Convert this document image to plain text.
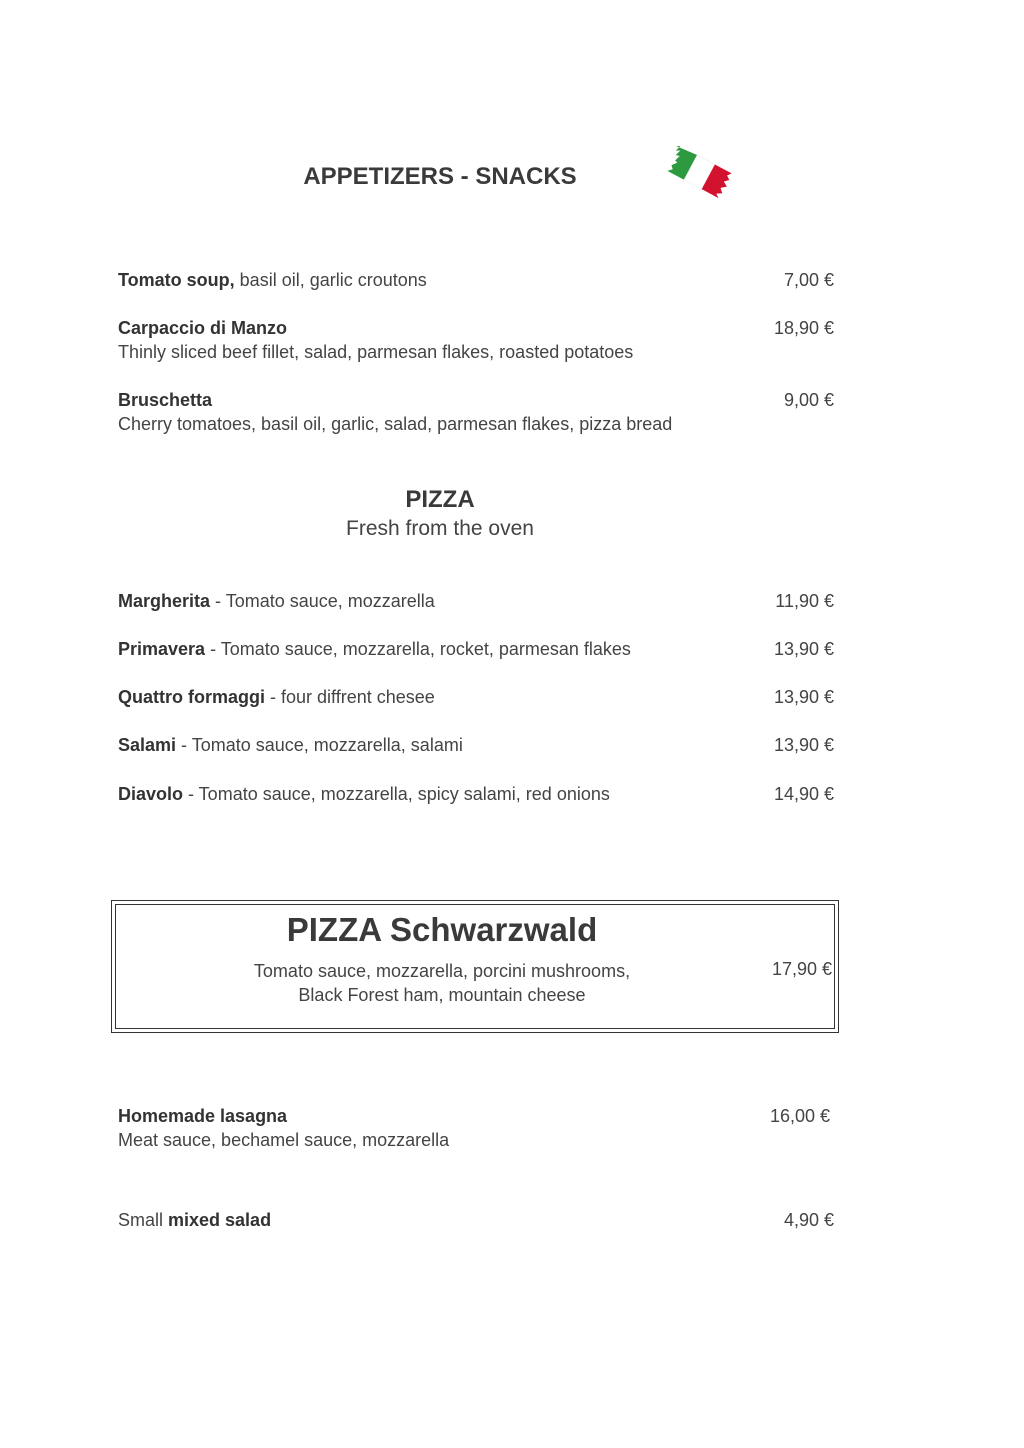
APPETIZERS - SNACKS
Tomato soup, basil oil, garlic croutons	7,00 €
Carpaccio di Manzo
Thinly sliced beef fillet, salad, parmesan flakes, roasted potatoes
18,90 €
Bruschetta
Cherry tomatoes, basil oil, garlic, salad, parmesan flakes, pizza bread
9,00 €
PIZZA
Fresh from the oven
Margherita - Tomato sauce, mozzarella	11,90 €
Primavera - Tomato sauce, mozzarella, rocket, parmesan flakes	13,90 €
Quattro formaggi - four diffrent chesee	13,90 €
Salami - Tomato sauce, mozzarella, salami	13,90 €
Diavolo - Tomato sauce, mozzarella, spicy salami, red onions	14,90 €
PIZZA Schwarzwald
Tomato sauce, mozzarella, porcini mushrooms,
Black Forest ham, mountain cheese
17,90 €
Homemade lasagna
Meat sauce, bechamel sauce, mozzarella
16,00 €
Small mixed salad	4,90 €
